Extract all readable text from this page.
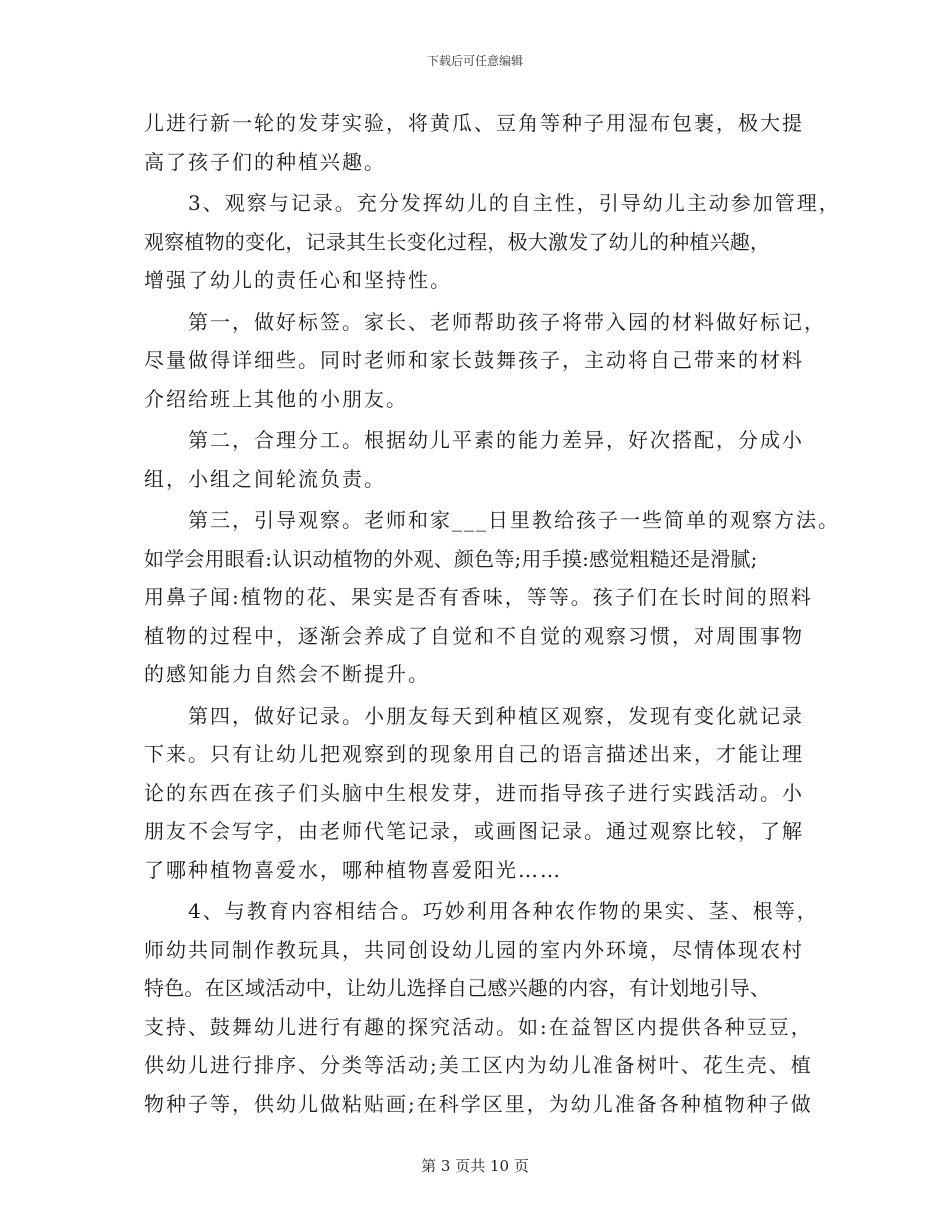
下载后可任意编辑
儿进行新一轮的发芽实验，将黄瓜、豆角等种子用湿布包裹，极大提
高了孩子们的种植兴趣。
3、观察与记录。充分发挥幼儿的自主性，引导幼儿主动参加管理，
观察植物的变化，记录其生长变化过程，极大激发了幼儿的种植兴趣，
增强了幼儿的责任心和坚持性。
第一，做好标签。家长、老师帮助孩子将带入园的材料做好标记，
尽量做得详细些。同时老师和家长鼓舞孩子，主动将自己带来的材料
介绍给班上其他的小朋友。
第二，合理分工。根据幼儿平素的能力差异，好次搭配，分成小
组，小组之间轮流负责。
第三，引导观察。老师和家___日里教给孩子一些简单的观察方法。
如学会用眼看:认识动植物的外观、颜色等;用手摸:感觉粗糙还是滑腻;
用鼻子闻:植物的花、果实是否有香味，等等。孩子们在长时间的照料
植物的过程中，逐渐会养成了自觉和不自觉的观察习惯，对周围事物
的感知能力自然会不断提升。
第四，做好记录。小朋友每天到种植区观察，发现有变化就记录
下来。只有让幼儿把观察到的现象用自己的语言描述出来，才能让理
论的东西在孩子们头脑中生根发芽，进而指导孩子进行实践活动。小
朋友不会写字，由老师代笔记录，或画图记录。通过观察比较，了解
了哪种植物喜爱水，哪种植物喜爱阳光……
4、与教育内容相结合。巧妙利用各种农作物的果实、茎、根等，
师幼共同制作教玩具，共同创设幼儿园的室内外环境，尽情体现农村
特色。在区域活动中，让幼儿选择自己感兴趣的内容，有计划地引导、
支持、鼓舞幼儿进行有趣的探究活动。如:在益智区内提供各种豆豆，
供幼儿进行排序、分类等活动;美工区内为幼儿准备树叶、花生壳、植
物种子等，供幼儿做粘贴画;在科学区里，为幼儿准备各种植物种子做
第 3 页共 10 页
